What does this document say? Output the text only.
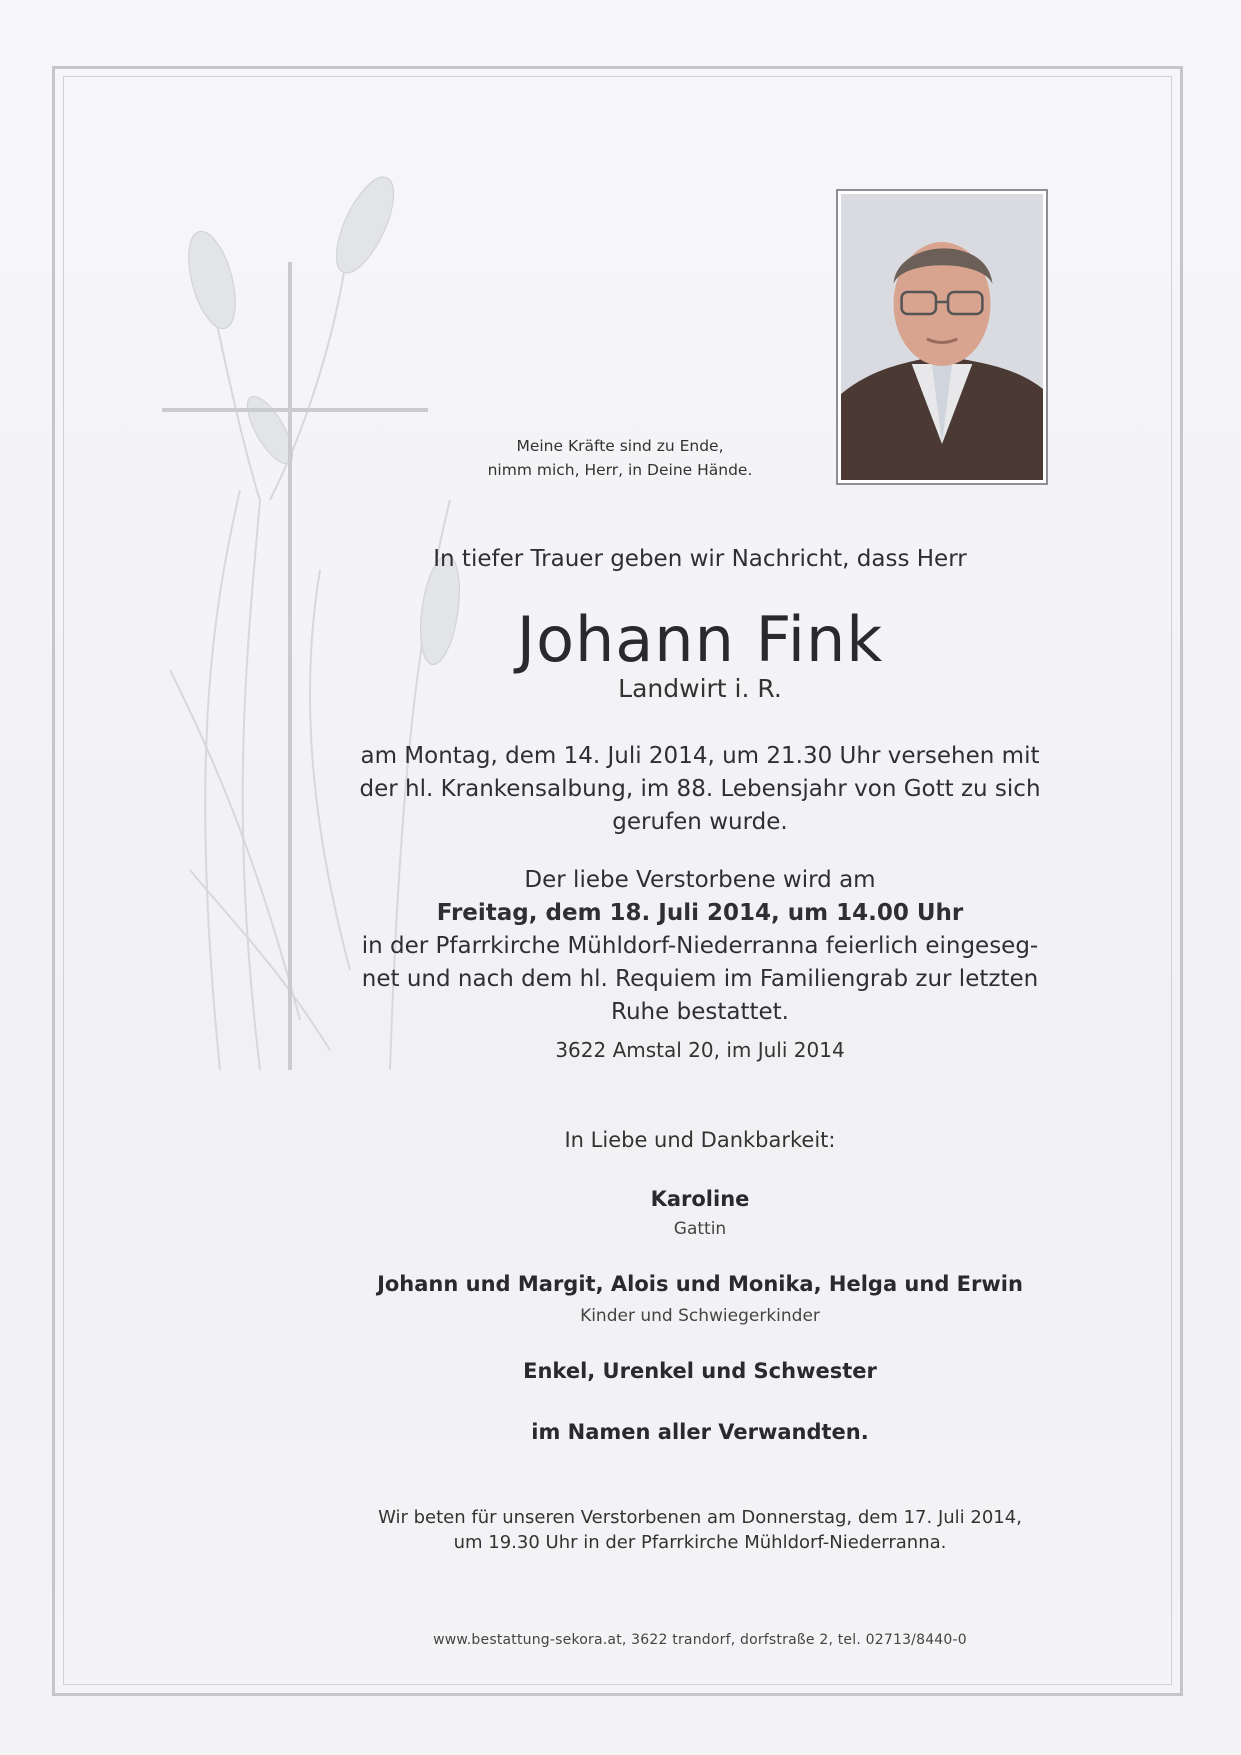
Meine Kräfte sind zu Ende,
nimm mich, Herr, in Deine Hände.
In tiefer Trauer geben wir Nachricht, dass Herr
Johann Fink
Landwirt i. R.
am Montag, dem 14. Juli 2014, um 21.30 Uhr versehen mit
der hl. Krankensalbung, im 88. Lebensjahr von Gott zu sich
gerufen wurde.
Der liebe Verstorbene wird am
Freitag, dem 18. Juli 2014, um 14.00 Uhr
in der Pfarrkirche Mühldorf-Niederranna feierlich eingeseg-
net und nach dem hl. Requiem im Familiengrab zur letzten
Ruhe bestattet.
3622 Amstal 20, im Juli 2014
In Liebe und Dankbarkeit:
Karoline
Gattin
Johann und Margit, Alois und Monika, Helga und Erwin
Kinder und Schwiegerkinder
Enkel, Urenkel und Schwester
im Namen aller Verwandten.
Wir beten für unseren Verstorbenen am Donnerstag, dem 17. Juli 2014,
um 19.30 Uhr in der Pfarrkirche Mühldorf-Niederranna.
www.bestattung-sekora.at, 3622 trandorf, dorfstraße 2, tel. 02713/8440-0
